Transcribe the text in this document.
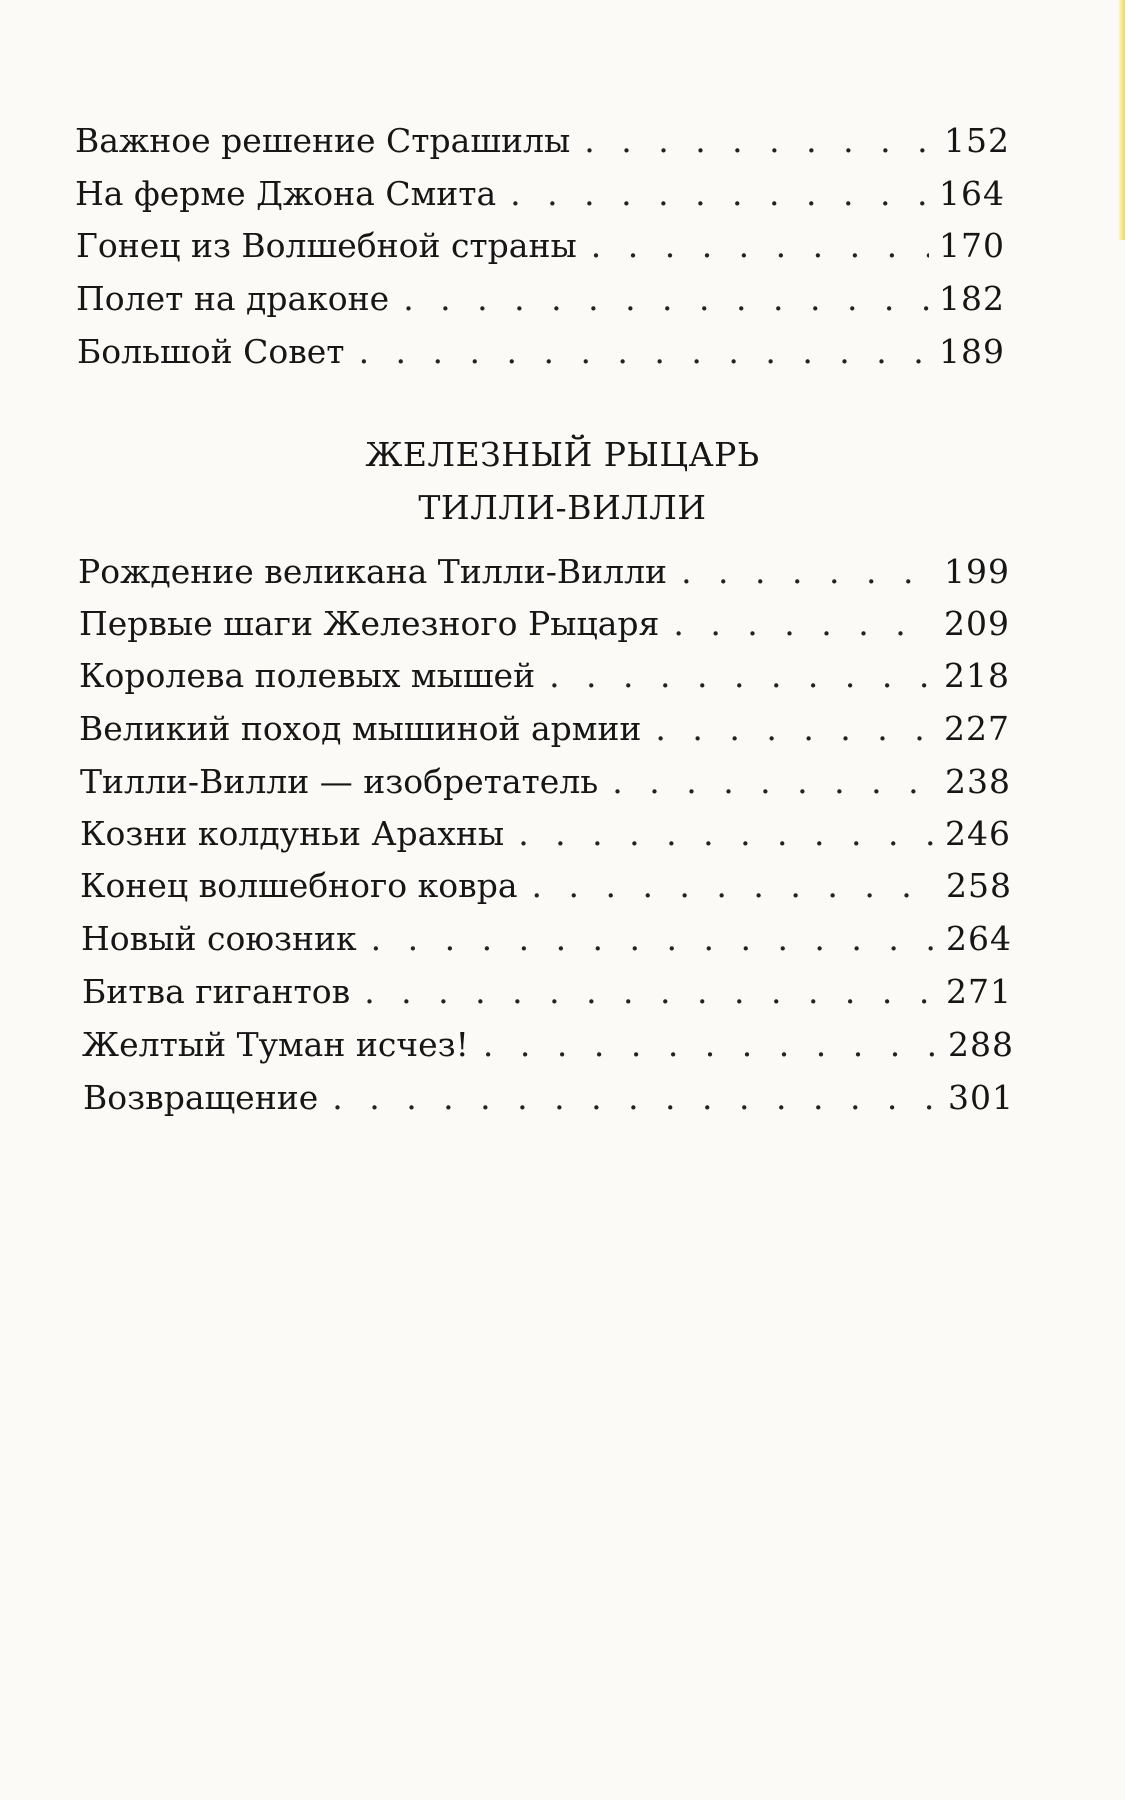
Важное решение Страшилы . . .	152
На ферме Джона Смита . . .	164
Гонец из Волшебной страны . . .	170
Полет на драконе . . .	182
Большой Совет . . .	189
ЖЕЛЕЗНЫЙ РЫЦАРЬ
ТИЛЛИ-ВИЛЛИ
Рождение великана Тилли-Вилли . . .	199
Первые шаги Железного Рыцаря . . .	209
Королева полевых мышей . . .	218
Великий поход мышиной армии . . .	227
Тилли-Вилли — изобретатель . . .	238
Козни колдуньи Арахны . . .	246
Конец волшебного ковра . . .	258
Новый союзник . . .	264
Битва гигантов . . .	271
Желтый Туман исчез! . . .	288
Возвращение . . .	301
